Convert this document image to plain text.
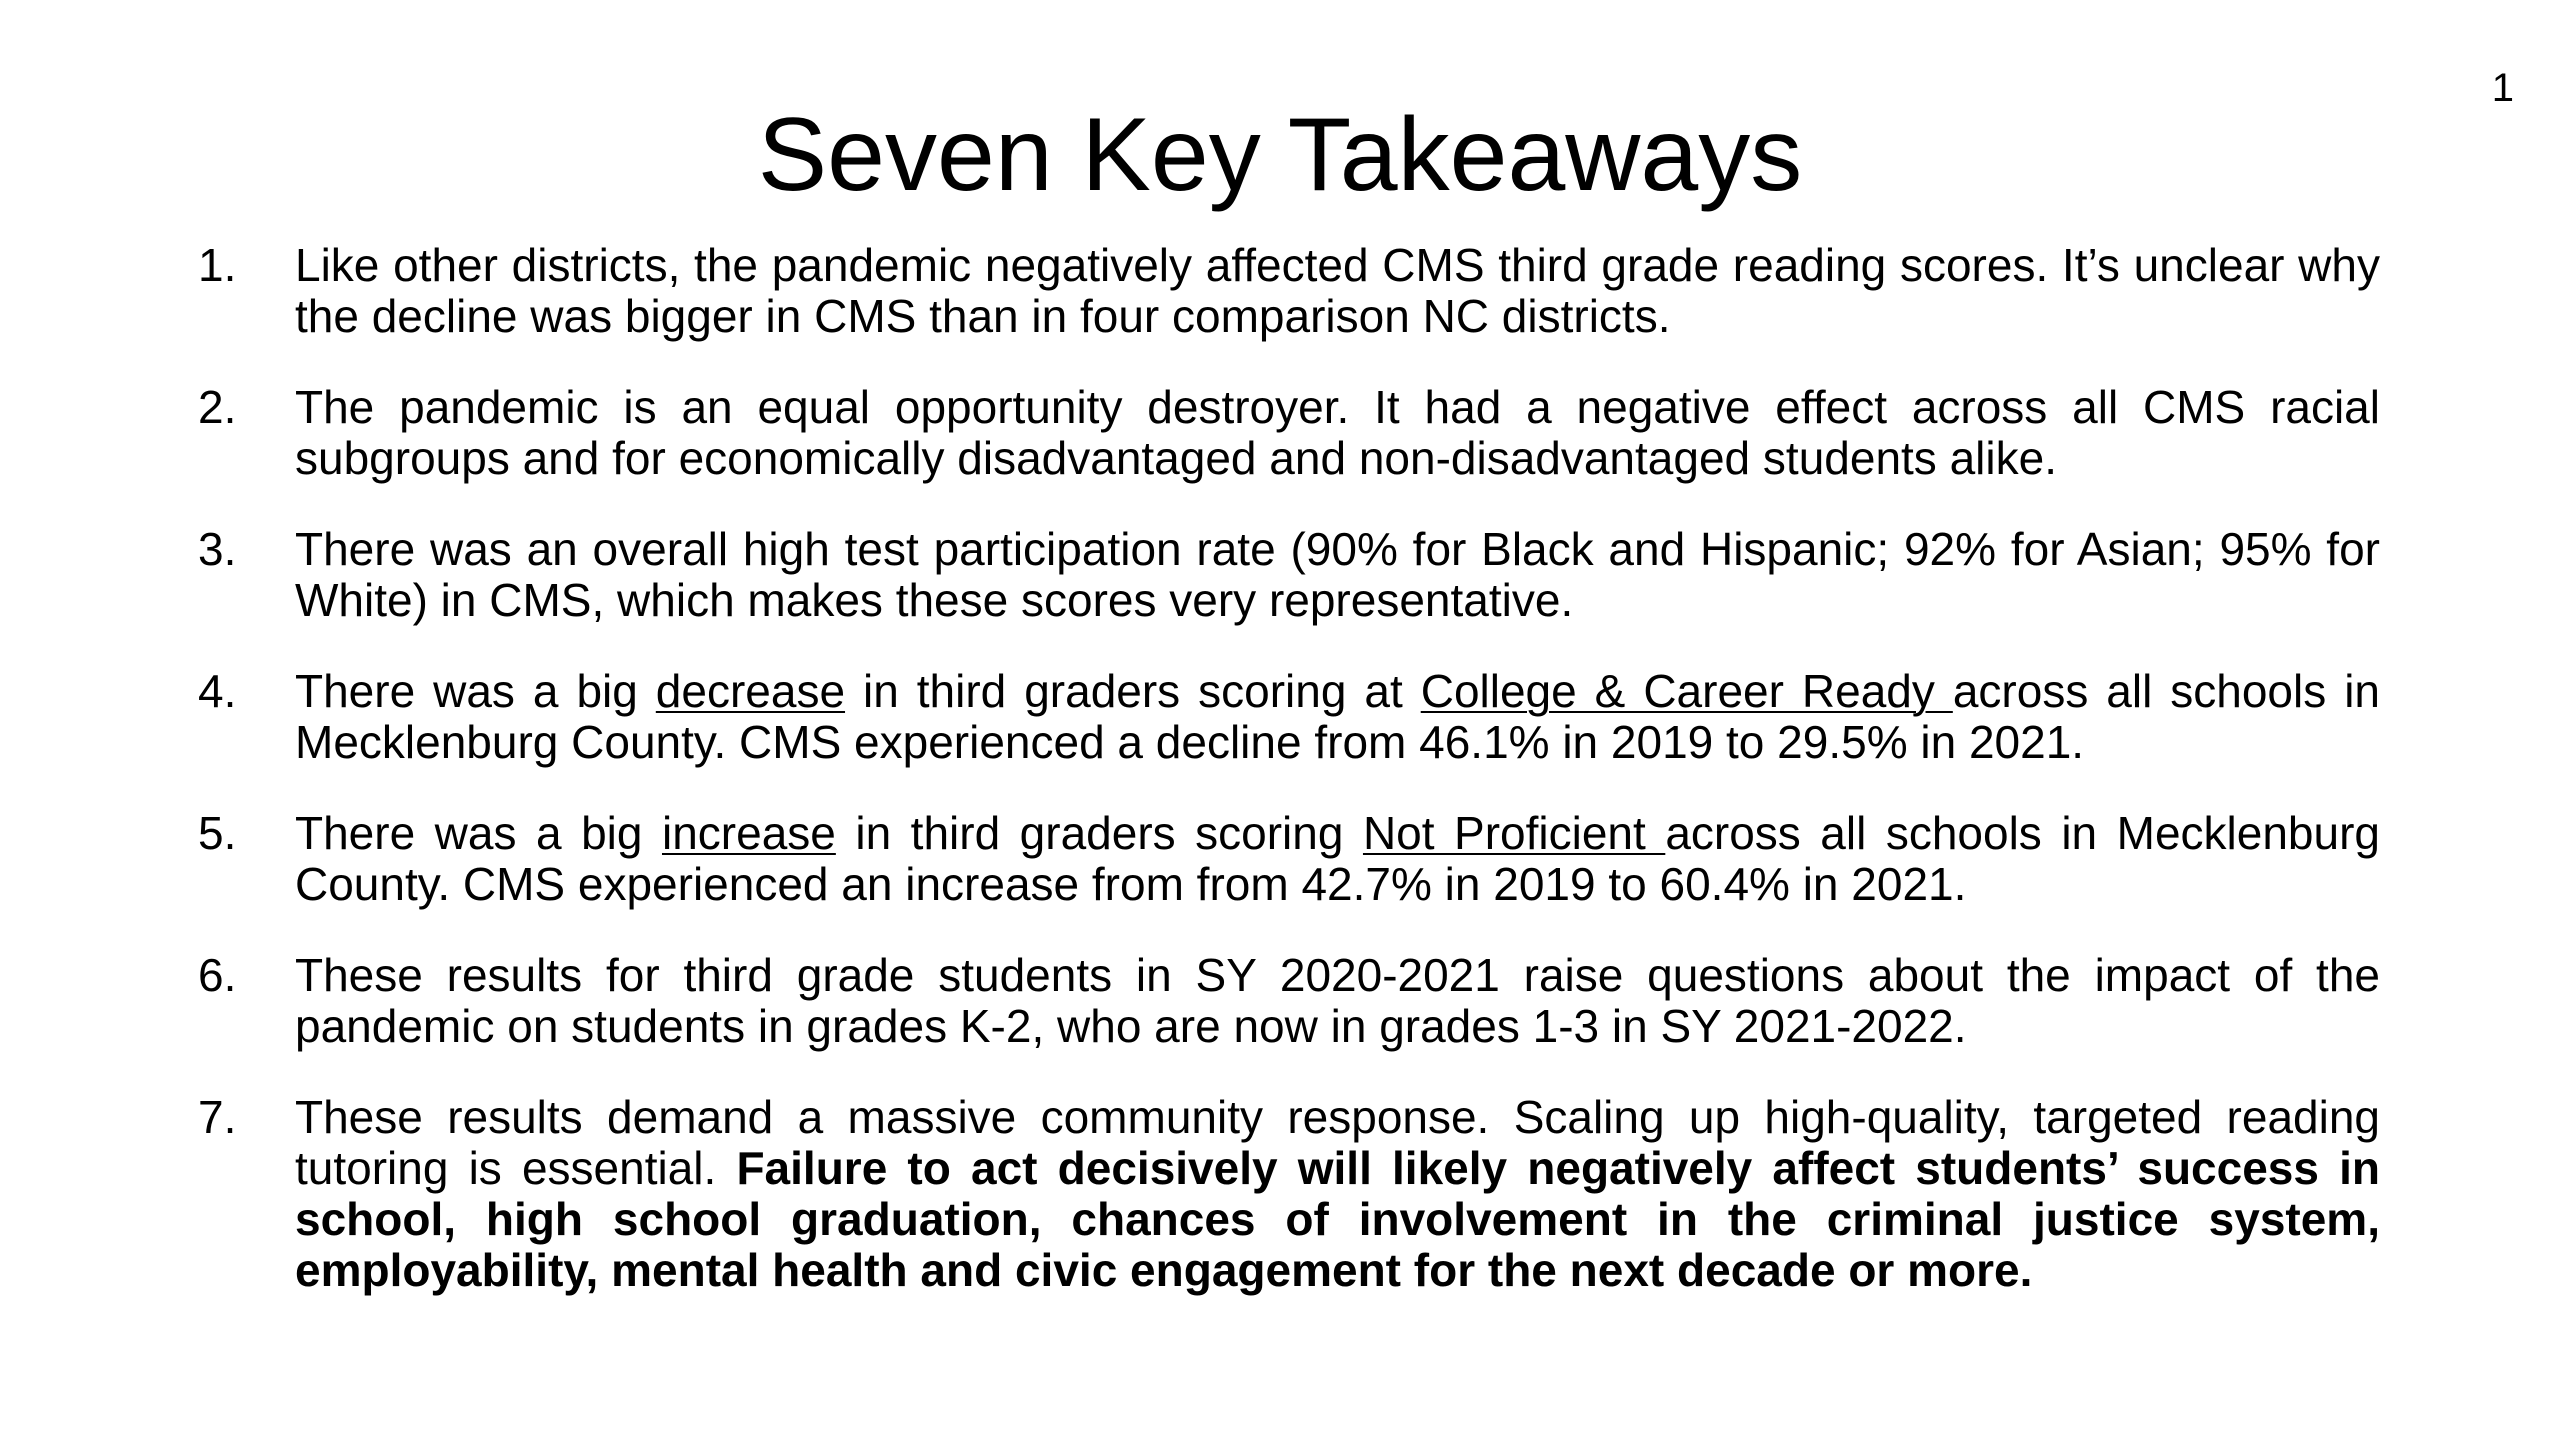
1
Seven Key Takeaways
1. Like other districts, the pandemic negatively affected CMS third grade reading scores. It’s unclear why the decline was bigger in CMS than in four comparison NC districts.
2. The pandemic is an equal opportunity destroyer. It had a negative effect across all CMS racial subgroups and for economically disadvantaged and non-disadvantaged students alike.
3. There was an overall high test participation rate (90% for Black and Hispanic; 92% for Asian; 95% for White) in CMS, which makes these scores very representative.
4. There was a big decrease in third graders scoring at College & Career Ready across all schools in Mecklenburg County. CMS experienced a decline from 46.1% in 2019 to 29.5% in 2021.
5. There was a big increase in third graders scoring Not Proficient across all schools in Mecklenburg County. CMS experienced an increase from from 42.7% in 2019 to 60.4% in 2021.
6. These results for third grade students in SY 2020-2021 raise questions about the impact of the pandemic on students in grades K-2, who are now in grades 1-3 in SY 2021-2022.
7. These results demand a massive community response. Scaling up high-quality, targeted reading tutoring is essential. Failure to act decisively will likely negatively affect students’ success in school, high school graduation, chances of involvement in the criminal justice system, employability, mental health and civic engagement for the next decade or more.
